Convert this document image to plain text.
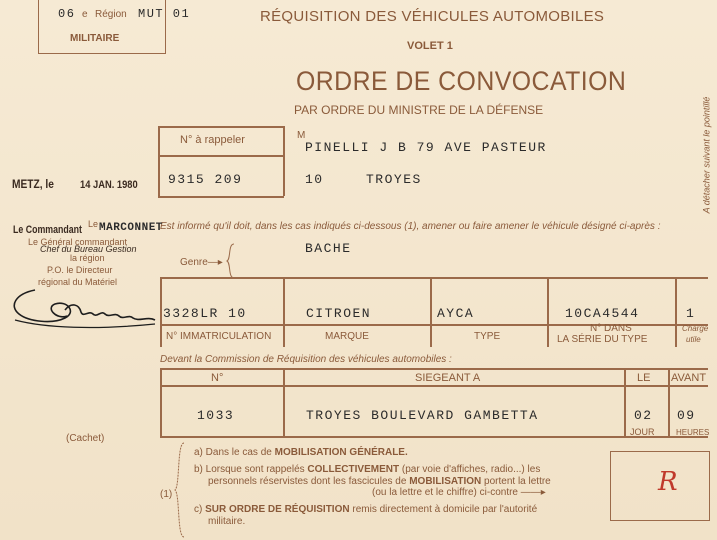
06 e Région MUT 01
MILITAIRE
RÉQUISITION DES VÉHICULES AUTOMOBILES
VOLET 1
ORDRE DE CONVOCATION
PAR ORDRE DU MINISTRE DE LA DÉFENSE	A détacher suivant le pointillé
N° à rappeler
9315 209
M
PINELLI J B 79 AVE PASTEUR
10	TROYES
METZ, le 14 JAN. 1980
Est informé qu'il doit, dans les cas indiqués ci-dessous (1), amener ou faire amener le véhicule désigné ci-après :
Le
Le Commandant MARCONNET
Le Général commandant
Chef du Bureau Gestion
la région
P.O. le Directeur
régional du Matériel
Genre—▸
BACHE
3328LR 10	CITROEN	AYCA	10CA4544	1
N° IMMATRICULATION	MARQUE	TYPE
N° DANS
LA SÉRIE DU TYPE
Charge
utile
Devant la Commission de Réquisition des véhicules automobiles :
N°	SIEGEANT A	LE AVANT
1033	TROYES BOULEVARD GAMBETTA	02 09
JOUR	HEURES
(Cachet)
(1)
a) Dans le cas de MOBILISATION GÉNÉRALE.
b) Lorsque sont rappelés COLLECTIVEMENT (par voie d'affiches, radio...) les
personnels réservistes dont les fascicules de MOBILISATION portent la lettre
(ou la lettre et le chiffre) ci-contre ——▸
c) SUR ORDRE DE RÉQUISITION remis directement à domicile par l'autorité
militaire.
R
